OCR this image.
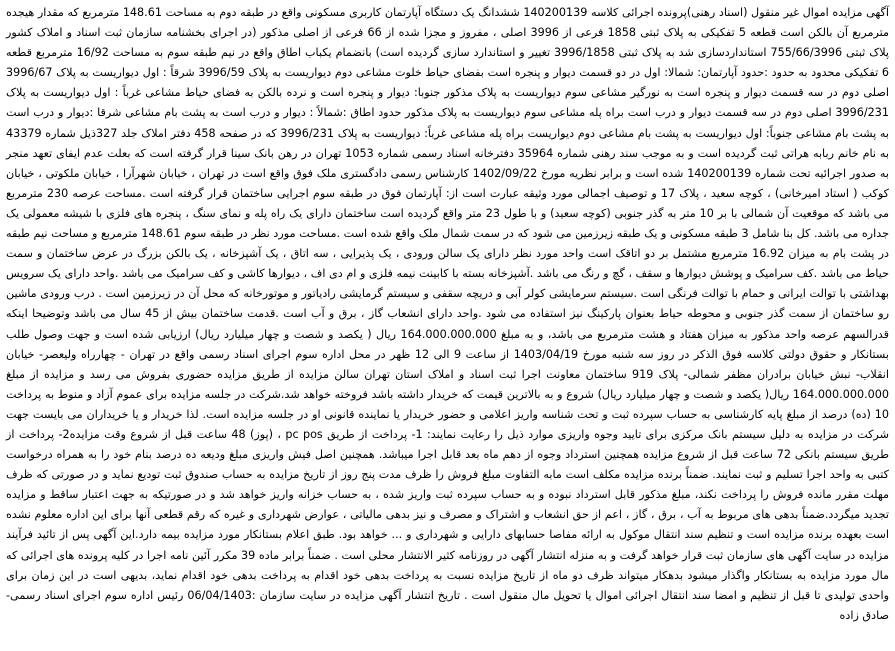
آگهی مزایده اموال غیر منقول (اسناد رهنی)پرونده اجرائی کلاسه 140200139 ششدانگ یک دستگاه آپارتمان کاربری مسکونی واقع در طبقه دوم به مساحت 148.61 مترمربع که مقدار هیجده مترمربع آن بالکن است قطعه 5 تفکیکی به پلاک ثبتی 1858 فرعی از 3996 اصلی ، مفروز و مجزا شده از 66 فرعی از اصلی مذکور (در اجرای بخشنامه سازمان ثبت اسناد و املاک کشور پلاک ثبتی 755/66/3996 استانداردسازی شد به پلاک ثبتی 3996/1858 تغییر و استاندارد سازی گردیده است) بانضمام یکباب اطاق واقع در نیم طبقه سوم به مساحت 16/92 مترمربع قطعه 6 تفکیکی محدود به حدود :حدود آپارتمان: شمالا: اول در دو قسمت دیوار و پنجره است بفضای حیاط خلوت مشاعی دوم دیواریست به پلاک 3996/59 شرقاً : اول دیواریست به پلاک 3996/67 اصلی دوم در سه قسمت دیوار و پنجره است به نورگیر مشاعی سوم دیواریست به پلاک مذکور جنوبا: دیوار و پنجره است و نرده بالکن به فضای حیاط مشاعی غرباً : اول دیواریست به پلاک 3996/231 اصلی دوم در سه قسمت دیوار و درب است براه پله مشاعی سوم دیواریست به پلاک مذکور حدود اطاق :شمالاً : دیوار و درب است به پشت بام مشاعی شرقا :دیوار و درب است به پشت بام مشاعی جنوباً: اول دیواریست به پشت بام مشاعی دوم دیواریست براه پله مشاعی غرباً: دیواریست به پلاک 3996/231 که در صفحه 458 دفتر املاک جلد 327ذیل شماره 43379 به نام خانم ربابه هراتی ثبت گردیده است و به موجب سند رهنی شماره 35964 دفترخانه اسناد رسمی شماره 1053 تهران در رهن بانک سینا قرار گرفته است که بعلت عدم ایفای تعهد منجر به صدور اجرائیه تحت شماره 140200139 شده است و برابر نظریه مورخ 1402/09/22 کارشناس رسمی دادگستری ملک فوق واقع است در تهران ، خیابان شهرآرا ، خیابان ملکوتی ، خیابان کوکب ( استاد امیرخانی) ، کوچه سعید ، پلاک 17 و توصیف اجمالی مورد وثیقه عبارت است از: آپارتمان فوق در طبقه سوم اجرایی ساختمان قرار گرفته است .مساحت عرصه 230 مترمربع می باشد که موقعیت آن شمالی با بر 10 متر به گذر جنوبی (کوچه سعید) و با طول 23 متر واقع گردیده است ساختمان دارای یک راه پله و نمای سنگ ، پنجره های فلزی با شیشه معمولی یک جداره می باشد. کل بنا شامل 3 طبقه مسکونی و یک طبقه زیرزمین می شود که در سمت شمال ملک واقع شده است .مساحت مورد نظر در طبقه سوم 148.61 مترمربع و مساحت نیم طبقه در پشت بام به میزان 16.92 مترمربع مشتمل بر دو اتاقک است واحد مورد نظر دارای یک سالن ورودی ، یک پذیرایی ، سه اتاق ، یک آشپزخانه ، یک بالکن بزرگ در عرض ساختمان و سمت حیاط می باشد .کف سرامیک و پوشش دیوارها و سقف ، گچ و رنگ می باشد .آشپزخانه بسته با کابینت نیمه فلزی و ام دی اف ، دیوارها کاشی و کف سرامیک می باشد .واحد دارای یک سرویس بهداشتی با توالت ایرانی و حمام با توالت فرنگی است .سیستم سرمایشی کولر آبی و دریچه سقفی و سیستم گرمایشی رادیاتور و موتورخانه که محل آن در زیرزمین است . درب ورودی ماشین رو ساختمان از سمت گذر جنوبی و محوطه حیاط بعنوان پارکینگ نیز استفاده می شود .واحد دارای انشعاب گاز ، برق و آب است .قدمت ساختمان بیش از 45 سال می باشد وتوضیحا اینکه قدرالسهم عرصه واحد مذکور به میزان هفتاد و هشت مترمربع می باشد، و به مبلغ 164.000.000.000 ریال ( یکصد و شصت و چهار میلیارد ریال) ارزیابی شده است و جهت وصول طلب بستانکار و حقوق دولتی کلاسه فوق الذکر در روز سه شنبه مورخ 1403/04/19 از ساعت 9 الی 12 ظهر در محل اداره سوم اجرای اسناد رسمی واقع در تهران - چهارراه ولیعصر- خیابان انقلاب- نبش خیابان برادران مظفر شمالی- پلاک 919 ساختمان معاونت اجرا ثبت اسناد و املاک استان تهران سالن مزایده از طریق مزایده حضوری بفروش می رسد و مزایده از مبلغ 164.000.000.000 ریال( یکصد و شصت و چهار میلیارد ریال) شروع و به بالاترین قیمت که خریدار داشته باشد فروخته خواهد شد.شرکت در جلسه مزایده برای عموم آزاد و منوط به پرداخت 10 (ده) درصد از مبلغ پایه کارشناسی به حساب سپرده ثبت و تحت شناسه واریز اعلامی و حضور خریدار یا نماینده قانونی او در جلسه مزایده است. لذا خریدار و یا خریداران می بایست جهت شرکت در مزایده به دلیل سیستم بانک مرکزی برای تایید وجوه واریزی موارد ذیل را رعایت نمایند: 1- پرداخت از طریق pc pos ، (پوز) 48 ساعت قبل از شروع وقت مزایده2- پرداخت از طریق سیستم بانکی 72 ساعت قبل از شروع مزایده همچنین استرداد وجوه از دهم ماه بعد قابل اجرا میباشد. همچنین اصل فیش واریزی مبلغ ودیعه ده درصد بنام خود را به همراه درخواست کتبی به واحد اجرا تسلیم و ثبت نمایند. ضمناً برنده مزایده مکلف است مابه التفاوت مبلغ فروش را ظرف مدت پنج روز از تاریخ مزایده به حساب صندوق ثبت تودیع نماید و در صورتی که ظرف مهلت مقرر مانده فروش را پرداخت نکند، مبلغ مذکور قابل استرداد نبوده و به حساب سپرده ثبت واریز شده ، به حساب خزانه واریز خواهد شد و در صورتیکه به جهت اعتبار ساقط و مزایده تجدید میگردد.ضمناً بدهی های مربوط به آب ، برق ، گاز ، اعم از حق انشعاب و اشتراک و مصرف و نیز بدهی مالیاتی ، عوارض شهرداری و غیره که رقم قطعی آنها برای این اداره معلوم نشده است بعهده برنده مزایده است و تنظیم سند انتقال موکول به ارائه مفاصا حسابهای دارایی و شهرداری و ... خواهد بود. طبق اعلام بستانکار مورد مزایده بیمه دارد.این آگهی پس از تائید فرآیند مزایده در سایت آگهی های سازمان ثبت قرار خواهد گرفت و به منزله انتشار آگهی در روزنامه کثیر الانتشار محلی است . ضمناً برابر ماده 39 مکرر آئین نامه اجرا در کلیه پرونده های اجرائی که مال مورد مزایده به بستانکار واگذار میشود بدهکار میتواند ظرف دو ماه از تاریخ مزایده نسبت به پرداخت بدهی خود اقدام به پرداخت بدهی خود اقدام نماید، بدیهی است در این زمان برای واحدی تولیدی تا قبل از تنظیم و امضا سند انتقال اجرائی اموال یا تحویل مال منقول است . تاریخ انتشار آگهی مزایده در سایت سازمان :06/04/1403 رئیس اداره سوم اجرای اسناد رسمی- صادق زاده
